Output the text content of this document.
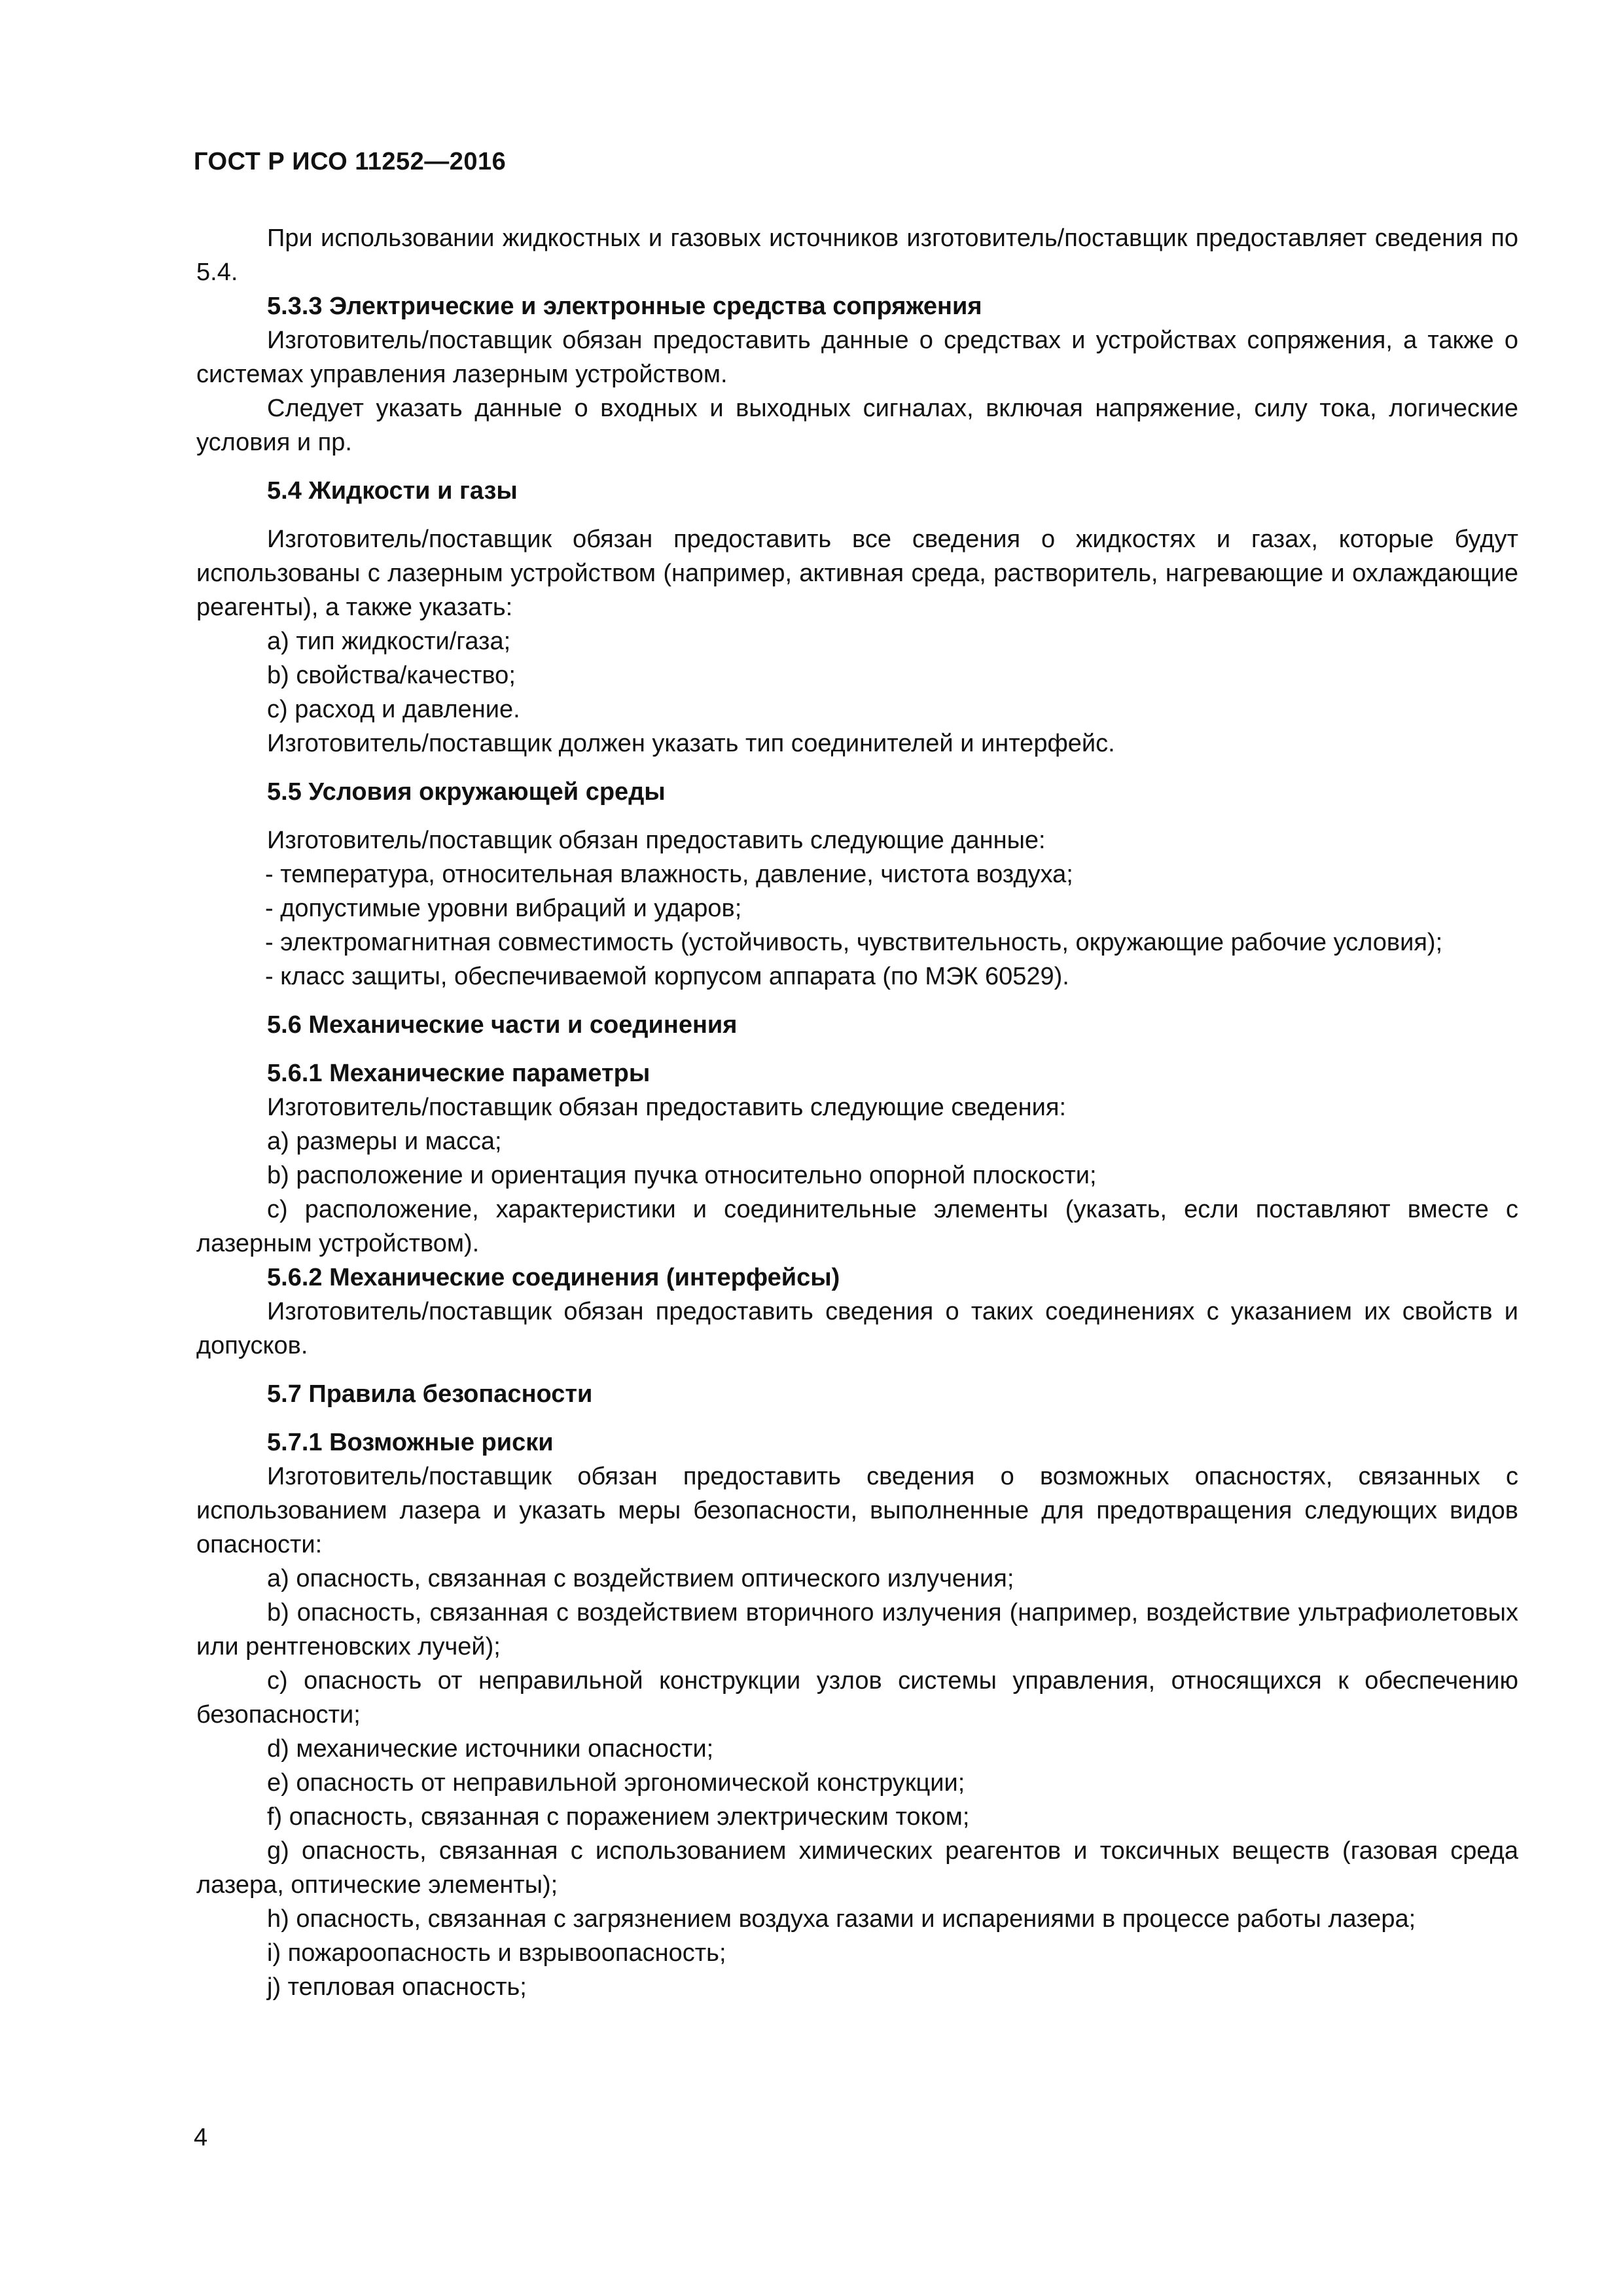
ГОСТ Р ИСО 11252—2016

При использовании жидкостных и газовых источников изготовитель/поставщик предоставляет сведения по 5.4.

5.3.3 Электрические и электронные средства сопряжения

Изготовитель/поставщик обязан предоставить данные о средствах и устройствах сопряжения, а также о системах управления лазерным устройством.

Следует указать данные о входных и выходных сигналах, включая напряжение, силу тока, логические условия и пр.

5.4 Жидкости и газы

Изготовитель/поставщик обязан предоставить все сведения о жидкостях и газах, которые будут использованы с лазерным устройством (например, активная среда, растворитель, нагревающие и охлаждающие реагенты), а также указать:

a) тип жидкости/газа;

b) свойства/качество;

c) расход и давление.

Изготовитель/поставщик должен указать тип соединителей и интерфейс.

5.5 Условия окружающей среды

Изготовитель/поставщик обязан предоставить следующие данные:

- температура, относительная влажность, давление, чистота воздуха;

- допустимые уровни вибраций и ударов;

- электромагнитная совместимость (устойчивость, чувствительность, окружающие рабочие условия);

- класс защиты, обеспечиваемой корпусом аппарата (по МЭК 60529).

5.6 Механические части и соединения

5.6.1 Механические параметры

Изготовитель/поставщик обязан предоставить следующие сведения:

a) размеры и масса;

b) расположение и ориентация пучка относительно опорной плоскости;

c) расположение, характеристики и соединительные элементы (указать, если поставляют вместе с лазерным устройством).

5.6.2 Механические соединения (интерфейсы)

Изготовитель/поставщик обязан предоставить сведения о таких соединениях с указанием их свойств и допусков.

5.7 Правила безопасности

5.7.1 Возможные риски

Изготовитель/поставщик обязан предоставить сведения о возможных опасностях, связанных с использованием лазера и указать меры безопасности, выполненные для предотвращения следующих видов опасности:

a) опасность, связанная с воздействием оптического излучения;

b) опасность, связанная с воздействием вторичного излучения (например, воздействие ультрафиолетовых или рентгеновских лучей);

c) опасность от неправильной конструкции узлов системы управления, относящихся к обеспечению безопасности;

d) механические источники опасности;

e) опасность от неправильной эргономической конструкции;

f) опасность, связанная с поражением электрическим током;

g) опасность, связанная с использованием химических реагентов и токсичных веществ (газовая среда лазера, оптические элементы);

h) опасность, связанная с загрязнением воздуха газами и испарениями в процессе работы лазера;

i) пожароопасность и взрывоопасность;

j) тепловая опасность;

4
